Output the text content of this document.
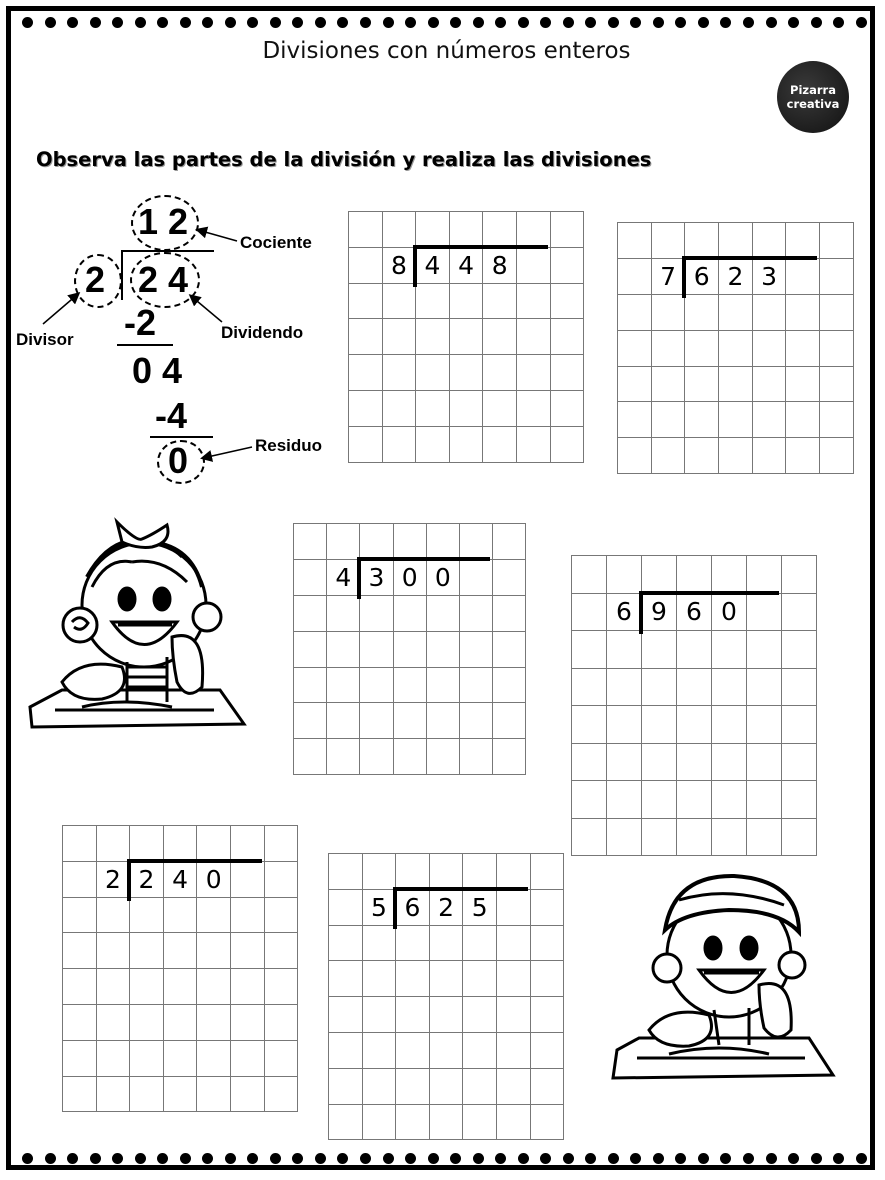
Divisiones con números enteros
Pizarra
creativa
Observa las partes de la división y realiza las divisiones
1 2
2 2 4
-2
0 4
-4
0
Cociente
Divisor	Dividendo
Residuo
8 4 4 8	7 6 2 3
4 3 0 0
6 9 6 0
2 2 4 0
5 6 2 5
